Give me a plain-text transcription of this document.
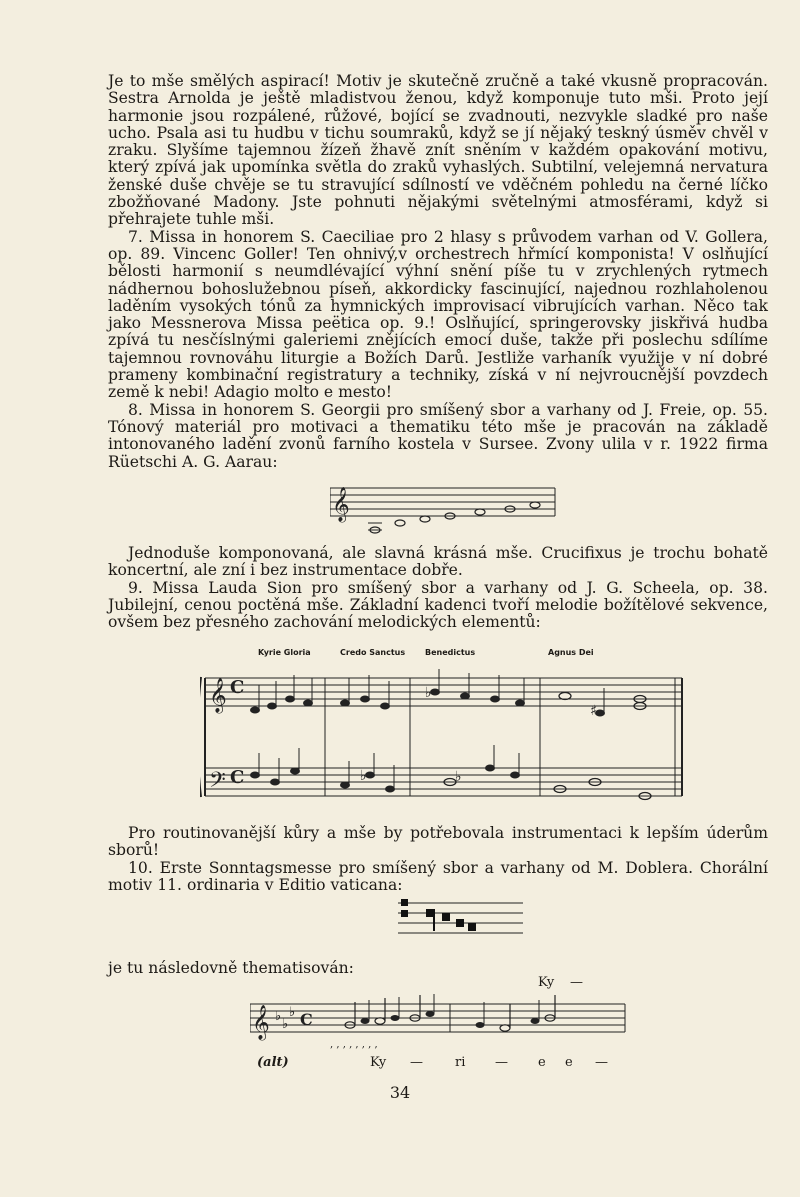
Je to mše smělých aspirací! Motiv je skutečně zručně a také vkusně propracován. Sestra Arnolda je ještě mladistvou ženou, když komponuje tuto mši. Proto její harmonie jsou rozpálené, růžové, bojící se zvadnouti, nezvykle sladké pro naše ucho. Psala asi tu hudbu v tichu soumraků, když se jí nějaký teskný úsměv chvěl v zraku. Slyšíme tajemnou žízeň žhavě znít sněním v každém opakování motivu, který zpívá jak upomínka světla do zraků vyhaslých. Subtilní, velejemná nervatura ženské duše chvěje se tu stravující sdílností ve vděčném pohledu na černé líčko zbožňované Madony. Jste pohnuti nějakými světelnými atmosférami, když si přehrajete tuhle mši.

7. Missa in honorem S. Caeciliae pro 2 hlasy s průvodem varhan od V. Gollera, op. 89. Vincenc Goller! Ten ohnivý,v orchestrech hřmící komponista! V oslňující bělosti harmonií s neumdlévající výhní snění píše tu v zrychlených rytmech nádhernou bohoslužebnou píseň, akkordicky fascinující, najednou rozhlaholenou laděním vysokých tónů za hymnických improvisací vibrujících varhan. Něco tak jako Messnerova Missa peëtica op. 9.! Oslňující, springerovsky jiskřivá hudba zpívá tu nesčíslnými galeriemi znějících emocí duše, takže při poslechu sdílíme tajemnou rovnováhu liturgie a Božích Darů. Jestliže varhaník využije v ní dobré prameny kombinační registratury a techniky, získá v ní nejvroucnější povzdech země k nebi! Adagio molto e mesto!

8. Missa in honorem S. Georgii pro smíšený sbor a varhany od J. Freie, op. 55. Tónový materiál pro motivaci a thematiku této mše je pracován na základě intonovaného ladění zvonů farního kostela v Sursee. Zvony ulila v r. 1922 firma Rüetschi A. G. Aarau:

𝄞

Jednoduše komponovaná, ale slavná krásná mše. Crucifixus je trochu bohatě koncertní, ale zní i bez instrumentace dobře.

9. Missa Lauda Sion pro smíšený sbor a varhany od J. G. Scheela, op. 38. Jubilejní, cenou poctěná mše. Základní kadenci tvoří melodie božítělové sekvence, ovšem bez přesného zachování melodických elementů:

Kyrie Gloria	Credo Sanctus Benedictus	Agnus Dei
𝄞
𝄢
C
C
♭
♭
♯
♭

Pro routinovanější kůry a mše by potřebovala instrumentaci k lepším úderům sborů!

10. Erste Sonntagsmesse pro smíšený sbor a varhany od M. Doblera. Chorální motiv 11. ordinaria v Editio vaticana:

je tu následovně thematisován:

𝄞 ♭
♭
♭ C
, , , , , , , ,
Ky —
(alt)	Ky — ri — e e —
34
